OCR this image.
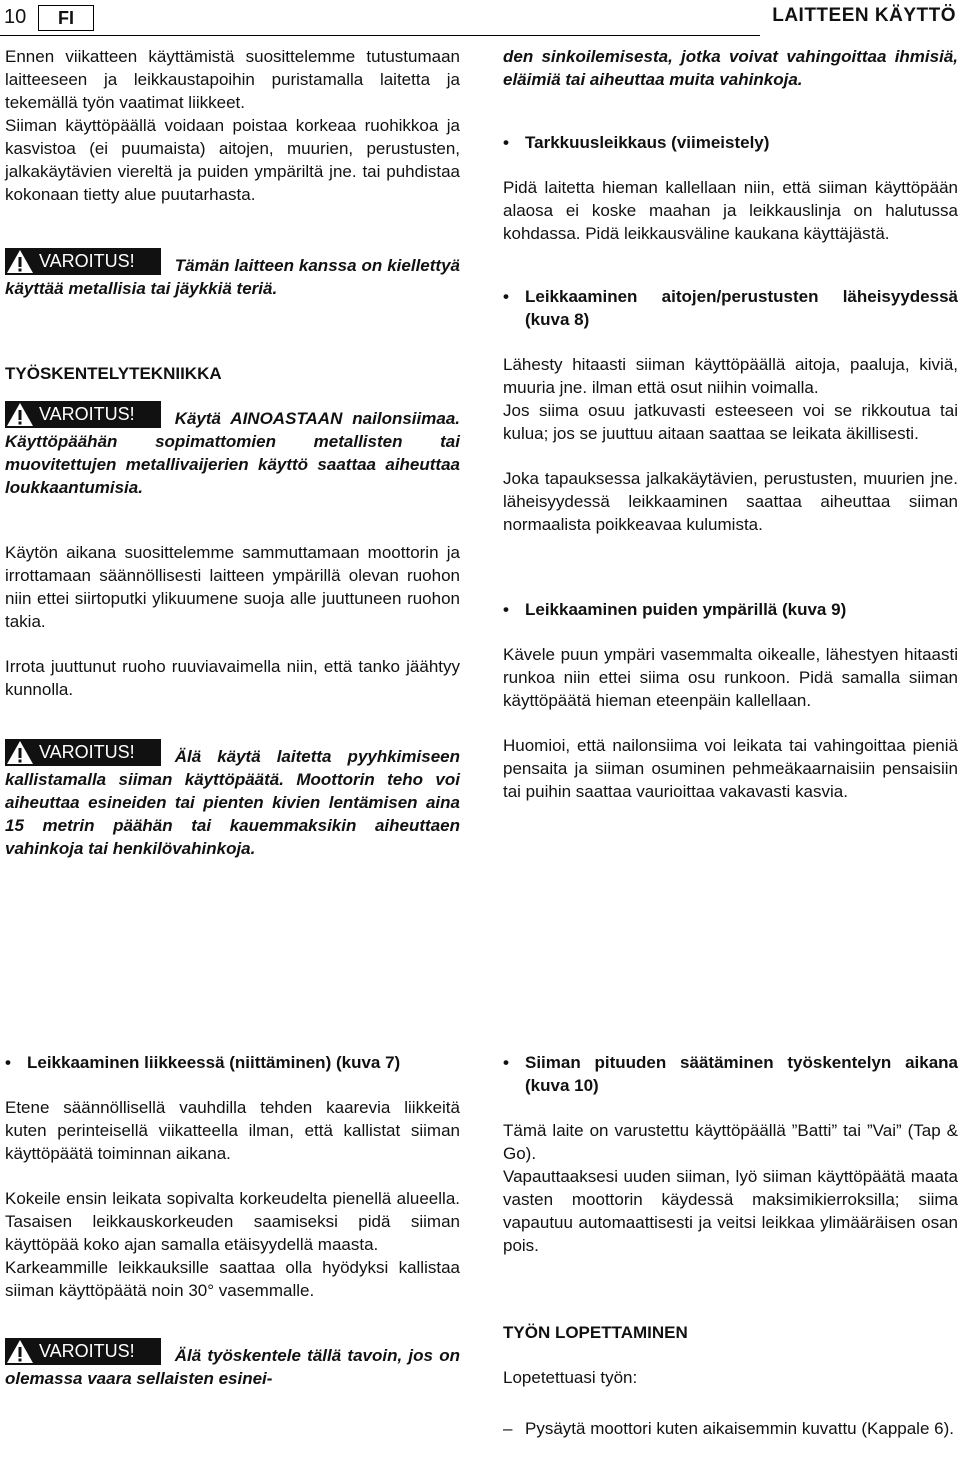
10	FI	LAITTEEN KÄYTTÖ

Ennen viikatteen käyttämistä suosittelemme tutustumaan laitteeseen ja leikkaustapoihin puristamalla laitetta ja tekemällä työn vaatimat liikkeet.

Siiman käyttöpäällä voidaan poistaa korkeaa ruohikkoa ja kasvistoa (ei puumaista) aitojen, muurien, perustusten, jalkakäytävien viereltä ja puiden ympäriltä jne. tai puhdistaa kokonaan tietty alue puutarhasta.

VAROITUS! Tämän laitteen kanssa on kiellettyä käyttää metallisia tai jäykkiä teriä.

TYÖSKENTELYTEKNIIKKA

VAROITUS! Käytä AINOASTAAN nailonsiimaa. Käyttöpäähän sopimattomien metallisten tai muovitettujen metallivaijerien käyttö saattaa aiheuttaa loukkaantumisia.

Käytön aikana suosittelemme sammuttamaan moottorin ja irrottamaan säännöllisesti laitteen ympärillä olevan ruohon niin ettei siirtoputki ylikuumene suoja alle juuttuneen ruohon takia.

Irrota juuttunut ruoho ruuviavaimella niin, että tanko jäähtyy kunnolla.

VAROITUS! Älä käytä laitetta pyyhkimiseen kallistamalla siiman käyttöpäätä. Moottorin teho voi aiheuttaa esineiden tai pienten kivien lentämisen aina 15 metrin päähän tai kauemmaksikin aiheuttaen vahinkoja tai henkilövahinkoja.

den sinkoilemisesta, jotka voivat vahingoittaa ihmisiä, eläimiä tai aiheuttaa muita vahinkoja.

• Tarkkuusleikkaus (viimeistely)

Pidä laitetta hieman kallellaan niin, että siiman käyttöpään alaosa ei koske maahan ja leikkauslinja on halutussa kohdassa. Pidä leikkausväline kaukana käyttäjästä.

• Leikkaaminen aitojen/perustusten läheisyydessä (kuva 8)

Lähesty hitaasti siiman käyttöpäällä aitoja, paaluja, kiviä, muuria jne. ilman että osut niihin voimalla.

Jos siima osuu jatkuvasti esteeseen voi se rikkoutua tai kulua; jos se juuttuu aitaan saattaa se leikata äkillisesti.

Joka tapauksessa jalkakäytävien, perustusten, muurien jne. läheisyydessä leikkaaminen saattaa aiheuttaa siiman normaalista poikkeavaa kulumista.

• Leikkaaminen puiden ympärillä (kuva 9)

Kävele puun ympäri vasemmalta oikealle, lähestyen hitaasti runkoa niin ettei siima osu runkoon. Pidä samalla siiman käyttöpäätä hieman eteenpäin kallellaan.

Huomioi, että nailonsiima voi leikata tai vahingoittaa pieniä pensaita ja siiman osuminen pehmeäkaarnaisiin pensaisiin tai puihin saattaa vaurioittaa vakavasti kasvia.

• Leikkaaminen liikkeessä (niittäminen) (kuva 7)

Etene säännöllisellä vauhdilla tehden kaarevia liikkeitä kuten perinteisellä viikatteella ilman, että kallistat siiman käyttöpäätä toiminnan aikana.

Kokeile ensin leikata sopivalta korkeudelta pienellä alueella. Tasaisen leikkauskorkeuden saamiseksi pidä siiman käyttöpää koko ajan samalla etäisyydellä maasta.

Karkeammille leikkauksille saattaa olla hyödyksi kallistaa siiman käyttöpäätä noin 30° vasemmalle.

VAROITUS! Älä työskentele tällä tavoin, jos on olemassa vaara sellaisten esinei-

• Siiman pituuden säätäminen työskentelyn aikana (kuva 10)

Tämä laite on varustettu käyttöpäällä ”Batti” tai ”Vai” (Tap & Go).

Vapauttaaksesi uuden siiman, lyö siiman käyttöpäätä maata vasten moottorin käydessä maksimikierroksilla; siima vapautuu automaattisesti ja veitsi leikkaa ylimääräisen osan pois.

TYÖN LOPETTAMINEN

Lopetettuasi työn:

– Pysäytä moottori kuten aikaisemmin kuvattu (Kappale 6).
